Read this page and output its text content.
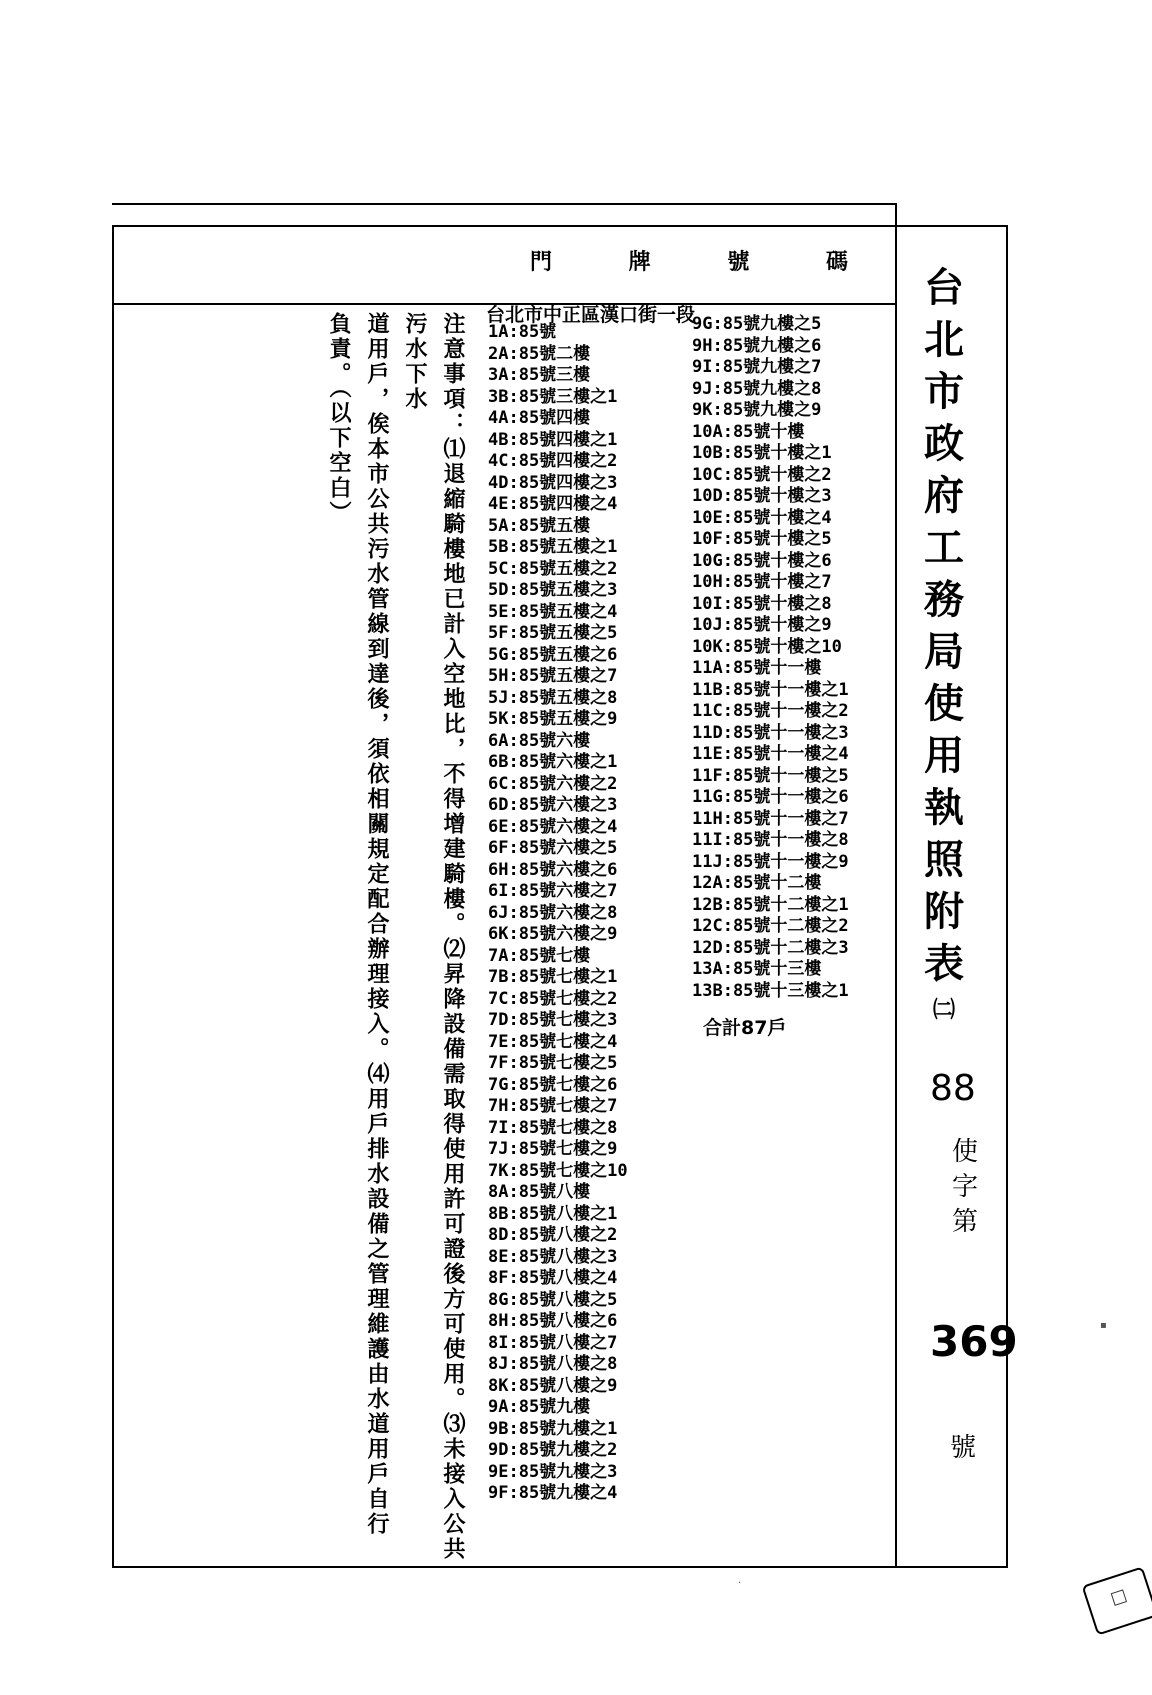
門	牌	號	碼
台
北
市
政
府
工
務
局
使
用
執
照
附
表
㈡
88
使
字
第
369
號
台北市中正區漢口街一段
1A:85號
2A:85號二樓
3A:85號三樓
3B:85號三樓之1
4A:85號四樓
4B:85號四樓之1
4C:85號四樓之2
4D:85號四樓之3
4E:85號四樓之4
5A:85號五樓
5B:85號五樓之1
5C:85號五樓之2
5D:85號五樓之3
5E:85號五樓之4
5F:85號五樓之5
5G:85號五樓之6
5H:85號五樓之7
5J:85號五樓之8
5K:85號五樓之9
6A:85號六樓
6B:85號六樓之1
6C:85號六樓之2
6D:85號六樓之3
6E:85號六樓之4
6F:85號六樓之5
6H:85號六樓之6
6I:85號六樓之7
6J:85號六樓之8
6K:85號六樓之9
7A:85號七樓
7B:85號七樓之1
7C:85號七樓之2
7D:85號七樓之3
7E:85號七樓之4
7F:85號七樓之5
7G:85號七樓之6
7H:85號七樓之7
7I:85號七樓之8
7J:85號七樓之9
7K:85號七樓之10
8A:85號八樓
8B:85號八樓之1
8D:85號八樓之2
8E:85號八樓之3
8F:85號八樓之4
8G:85號八樓之5
8H:85號八樓之6
8I:85號八樓之7
8J:85號八樓之8
8K:85號八樓之9
9A:85號九樓
9B:85號九樓之1
9D:85號九樓之2
9E:85號九樓之3
9F:85號九樓之4
9G:85號九樓之5
9H:85號九樓之6
9I:85號九樓之7
9J:85號九樓之8
9K:85號九樓之9
10A:85號十樓
10B:85號十樓之1
10C:85號十樓之2
10D:85號十樓之3
10E:85號十樓之4
10F:85號十樓之5
10G:85號十樓之6
10H:85號十樓之7
10I:85號十樓之8
10J:85號十樓之9
10K:85號十樓之10
11A:85號十一樓
11B:85號十一樓之1
11C:85號十一樓之2
11D:85號十一樓之3
11E:85號十一樓之4
11F:85號十一樓之5
11G:85號十一樓之6
11H:85號十一樓之7
11I:85號十一樓之8
11J:85號十一樓之9
12A:85號十二樓
12B:85號十二樓之1
12C:85號十二樓之2
12D:85號十二樓之3
13A:85號十三樓
13B:85號十三樓之1
合計87戶

注意事項：⑴退縮騎樓地已計入空地比，不得增建騎樓。⑵昇降設備需取得使用許可證後方可使用。⑶未接入公共污水下水

道用戶，俟本市公共污水管線到達後，須依相關規定配合辦理接入。⑷用戶排水設備之管理維護由水道用戶自行

負責。（以下空白）

☐
▪
·
